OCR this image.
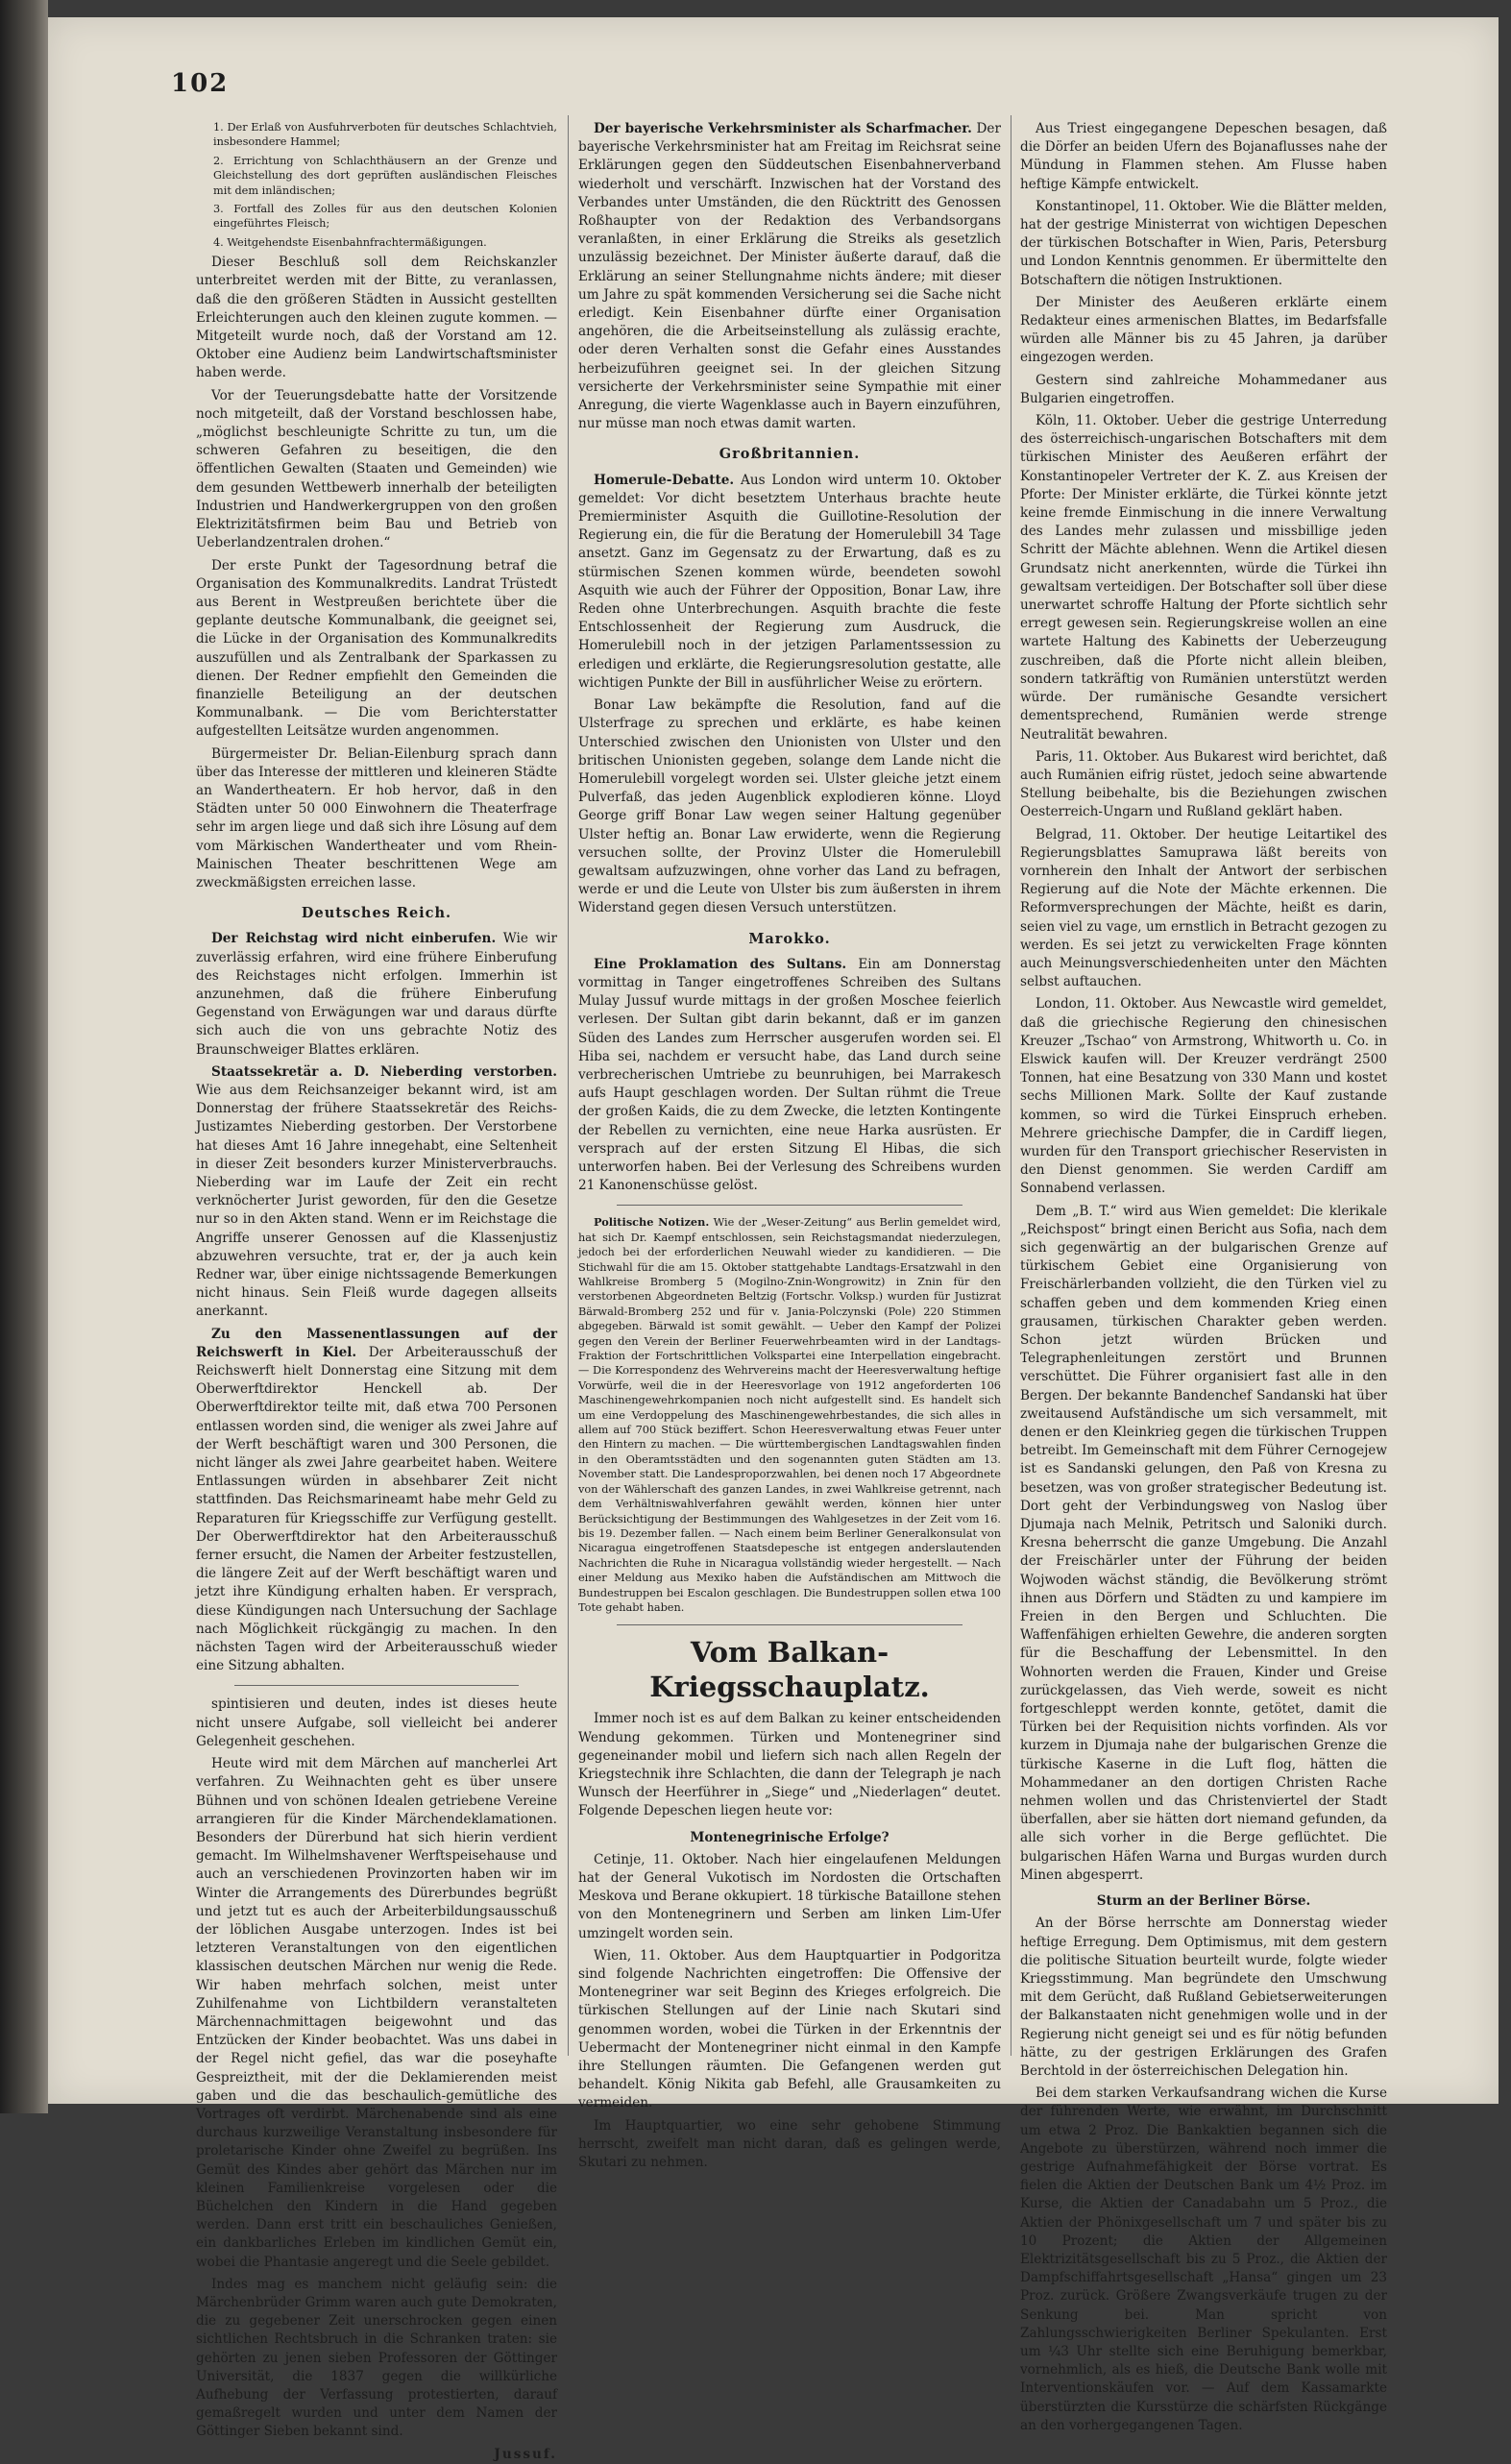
102

1. Der Erlaß von Ausfuhrverboten für deutsches Schlachtvieh, insbesondere Hammel;

2. Errichtung von Schlachthäusern an der Grenze und Gleichstellung des dort geprüften ausländischen Fleisches mit dem inländischen;

3. Fortfall des Zolles für aus den deutschen Kolonien eingeführtes Fleisch;

4. Weitgehendste Eisenbahnfrachtermäßigungen.

Dieser Beschluß soll dem Reichskanzler unterbreitet werden mit der Bitte, zu veranlassen, daß die den größeren Städten in Aussicht gestellten Erleichterungen auch den kleinen zugute kommen. — Mitgeteilt wurde noch, daß der Vorstand am 12. Oktober eine Audienz beim Landwirtschaftsminister haben werde.

Vor der Teuerungsdebatte hatte der Vorsitzende noch mitgeteilt, daß der Vorstand beschlossen habe, „möglichst beschleunigte Schritte zu tun, um die schweren Gefahren zu beseitigen, die den öffentlichen Gewalten (Staaten und Gemeinden) wie dem gesunden Wettbewerb innerhalb der beteiligten Industrien und Handwerkergruppen von den großen Elektrizitätsfirmen beim Bau und Betrieb von Ueberlandzentralen drohen.“

Der erste Punkt der Tagesordnung betraf die Organisation des Kommunalkredits. Landrat Trüstedt aus Berent in Westpreußen berichtete über die geplante deutsche Kommunalbank, die geeignet sei, die Lücke in der Organisation des Kommunalkredits auszufüllen und als Zentralbank der Sparkassen zu dienen. Der Redner empfiehlt den Gemeinden die finanzielle Beteiligung an der deutschen Kommunalbank. — Die vom Berichterstatter aufgestellten Leitsätze wurden angenommen.

Bürgermeister Dr. Belian-Eilenburg sprach dann über das Interesse der mittleren und kleineren Städte an Wandertheatern. Er hob hervor, daß in den Städten unter 50 000 Einwohnern die Theaterfrage sehr im argen liege und daß sich ihre Lösung auf dem vom Märkischen Wandertheater und vom Rhein-Mainischen Theater beschrittenen Wege am zweckmäßigsten erreichen lasse.

Deutsches Reich.

Der Reichstag wird nicht einberufen. Wie wir zuverlässig erfahren, wird eine frühere Einberufung des Reichstages nicht erfolgen. Immerhin ist anzunehmen, daß die frühere Einberufung Gegenstand von Erwägungen war und daraus dürfte sich auch die von uns gebrachte Notiz des Braunschweiger Blattes erklären.

Staatssekretär a. D. Nieberding verstorben. Wie aus dem Reichsanzeiger bekannt wird, ist am Donnerstag der frühere Staatssekretär des Reichs-Justizamtes Nieberding gestorben. Der Verstorbene hat dieses Amt 16 Jahre innegehabt, eine Seltenheit in dieser Zeit besonders kurzer Ministerverbrauchs. Nieberding war im Laufe der Zeit ein recht verknöcherter Jurist geworden, für den die Gesetze nur so in den Akten stand. Wenn er im Reichstage die Angriffe unserer Genossen auf die Klassenjustiz abzuwehren versuchte, trat er, der ja auch kein Redner war, über einige nichtssagende Bemerkungen nicht hinaus. Sein Fleiß wurde dagegen allseits anerkannt.

Zu den Massenentlassungen auf der Reichswerft in Kiel. Der Arbeiterausschuß der Reichswerft hielt Donnerstag eine Sitzung mit dem Oberwerftdirektor Henckell ab. Der Oberwerftdirektor teilte mit, daß etwa 700 Personen entlassen worden sind, die weniger als zwei Jahre auf der Werft beschäftigt waren und 300 Personen, die nicht länger als zwei Jahre gearbeitet haben. Weitere Entlassungen würden in absehbarer Zeit nicht stattfinden. Das Reichsmarineamt habe mehr Geld zu Reparaturen für Kriegsschiffe zur Verfügung gestellt. Der Oberwerftdirektor hat den Arbeiterausschuß ferner ersucht, die Namen der Arbeiter festzustellen, die längere Zeit auf der Werft beschäftigt waren und jetzt ihre Kündigung erhalten haben. Er versprach, diese Kündigungen nach Untersuchung der Sachlage nach Möglichkeit rückgängig zu machen. In den nächsten Tagen wird der Arbeiterausschuß wieder eine Sitzung abhalten.

spintisieren und deuten, indes ist dieses heute nicht unsere Aufgabe, soll vielleicht bei anderer Gelegenheit geschehen.

Heute wird mit dem Märchen auf mancherlei Art verfahren. Zu Weihnachten geht es über unsere Bühnen und von schönen Idealen getriebene Vereine arrangieren für die Kinder Märchendeklamationen. Besonders der Dürerbund hat sich hierin verdient gemacht. Im Wilhelmshavener Werftspeisehause und auch an verschiedenen Provinzorten haben wir im Winter die Arrangements des Dürerbundes begrüßt und jetzt tut es auch der Arbeiterbildungsausschuß der löblichen Ausgabe unterzogen. Indes ist bei letzteren Veranstaltungen von den eigentlichen klassischen deutschen Märchen nur wenig die Rede. Wir haben mehrfach solchen, meist unter Zuhilfenahme von Lichtbildern veranstalteten Märchennachmittagen beigewohnt und das Entzücken der Kinder beobachtet. Was uns dabei in der Regel nicht gefiel, das war die poseyhafte Gespreiztheit, mit der die Deklamierenden meist gaben und die das beschaulich-gemütliche des Vortrages oft verdirbt. Märchenabende sind als eine durchaus kurzweilige Veranstaltung insbesondere für proletarische Kinder ohne Zweifel zu begrüßen. Ins Gemüt des Kindes aber gehört das Märchen nur im kleinen Familienkreise vorgelesen oder die Büchelchen den Kindern in die Hand gegeben werden. Dann erst tritt ein beschauliches Genießen, ein dankbarliches Erleben im kindlichen Gemüt ein, wobei die Phantasie angeregt und die Seele gebildet.

Indes mag es manchem nicht geläufig sein: die Märchenbrüder Grimm waren auch gute Demokraten, die zu gegebener Zeit unerschrocken gegen einen sichtlichen Rechtsbruch in die Schranken traten: sie gehörten zu jenen sieben Professoren der Göttinger Universität, die 1837 gegen die willkürliche Aufhebung der Verfassung protestierten, darauf gemaßregelt wurden und unter dem Namen der Göttinger Sieben bekannt sind.

Jussuf.

Der bayerische Verkehrsminister als Scharfmacher. Der bayerische Verkehrsminister hat am Freitag im Reichsrat seine Erklärungen gegen den Süddeutschen Eisenbahnerverband wiederholt und verschärft. Inzwischen hat der Vorstand des Verbandes unter Umständen, die den Rücktritt des Genossen Roßhaupter von der Redaktion des Verbandsorgans veranlaßten, in einer Erklärung die Streiks als gesetzlich unzulässig bezeichnet. Der Minister äußerte darauf, daß die Erklärung an seiner Stellungnahme nichts ändere; mit dieser um Jahre zu spät kommenden Versicherung sei die Sache nicht erledigt. Kein Eisenbahner dürfte einer Organisation angehören, die die Arbeitseinstellung als zulässig erachte, oder deren Verhalten sonst die Gefahr eines Ausstandes herbeizuführen geeignet sei. In der gleichen Sitzung versicherte der Verkehrsminister seine Sympathie mit einer Anregung, die vierte Wagenklasse auch in Bayern einzuführen, nur müsse man noch etwas damit warten.

Großbritannien.

Homerule-Debatte. Aus London wird unterm 10. Oktober gemeldet: Vor dicht besetztem Unterhaus brachte heute Premierminister Asquith die Guillotine-Resolution der Regierung ein, die für die Beratung der Homerulebill 34 Tage ansetzt. Ganz im Gegensatz zu der Erwartung, daß es zu stürmischen Szenen kommen würde, beendeten sowohl Asquith wie auch der Führer der Opposition, Bonar Law, ihre Reden ohne Unterbrechungen. Asquith brachte die feste Entschlossenheit der Regierung zum Ausdruck, die Homerulebill noch in der jetzigen Parlamentssession zu erledigen und erklärte, die Regierungsresolution gestatte, alle wichtigen Punkte der Bill in ausführlicher Weise zu erörtern.

Bonar Law bekämpfte die Resolution, fand auf die Ulsterfrage zu sprechen und erklärte, es habe keinen Unterschied zwischen den Unionisten von Ulster und den britischen Unionisten gegeben, solange dem Lande nicht die Homerulebill vorgelegt worden sei. Ulster gleiche jetzt einem Pulverfaß, das jeden Augenblick explodieren könne. Lloyd George griff Bonar Law wegen seiner Haltung gegenüber Ulster heftig an. Bonar Law erwiderte, wenn die Regierung versuchen sollte, der Provinz Ulster die Homerulebill gewaltsam aufzuzwingen, ohne vorher das Land zu befragen, werde er und die Leute von Ulster bis zum äußersten in ihrem Widerstand gegen diesen Versuch unterstützen.

Marokko.

Eine Proklamation des Sultans. Ein am Donnerstag vormittag in Tanger eingetroffenes Schreiben des Sultans Mulay Jussuf wurde mittags in der großen Moschee feierlich verlesen. Der Sultan gibt darin bekannt, daß er im ganzen Süden des Landes zum Herrscher ausgerufen worden sei. El Hiba sei, nachdem er versucht habe, das Land durch seine verbrecherischen Umtriebe zu beunruhigen, bei Marrakesch aufs Haupt geschlagen worden. Der Sultan rühmt die Treue der großen Kaids, die zu dem Zwecke, die letzten Kontingente der Rebellen zu vernichten, eine neue Harka ausrüsten. Er versprach auf der ersten Sitzung El Hibas, die sich unterworfen haben. Bei der Verlesung des Schreibens wurden 21 Kanonenschüsse gelöst.

Politische Notizen. Wie der „Weser-Zeitung“ aus Berlin gemeldet wird, hat sich Dr. Kaempf entschlossen, sein Reichstagsmandat niederzulegen, jedoch bei der erforderlichen Neuwahl wieder zu kandidieren. — Die Stichwahl für die am 15. Oktober stattgehabte Landtags-Ersatzwahl in den Wahlkreise Bromberg 5 (Mogilno-Znin-Wongrowitz) in Znin für den verstorbenen Abgeordneten Beltzig (Fortschr. Volksp.) wurden für Justizrat Bärwald-Bromberg 252 und für v. Jania-Polczynski (Pole) 220 Stimmen abgegeben. Bärwald ist somit gewählt. — Ueber den Kampf der Polizei gegen den Verein der Berliner Feuerwehrbeamten wird in der Landtags-Fraktion der Fortschrittlichen Volkspartei eine Interpellation eingebracht. — Die Korrespondenz des Wehrvereins macht der Heeresverwaltung heftige Vorwürfe, weil die in der Heeresvorlage von 1912 angeforderten 106 Maschinengewehrkompanien noch nicht aufgestellt sind. Es handelt sich um eine Verdoppelung des Maschinengewehrbestandes, die sich alles in allem auf 700 Stück beziffert. Schon Heeresverwaltung etwas Feuer unter den Hintern zu machen. — Die württembergischen Landtagswahlen finden in den Oberamtsstädten und den sogenannten guten Städten am 13. November statt. Die Landesproporzwahlen, bei denen noch 17 Abgeordnete von der Wählerschaft des ganzen Landes, in zwei Wahlkreise getrennt, nach dem Verhältniswahlverfahren gewählt werden, können hier unter Berücksichtigung der Bestimmungen des Wahlgesetzes in der Zeit vom 16. bis 19. Dezember fallen. — Nach einem beim Berliner Generalkonsulat von Nicaragua eingetroffenen Staatsdepesche ist entgegen anderslautenden Nachrichten die Ruhe in Nicaragua vollständig wieder hergestellt. — Nach einer Meldung aus Mexiko haben die Aufständischen am Mittwoch die Bundestruppen bei Escalon geschlagen. Die Bundestruppen sollen etwa 100 Tote gehabt haben.

Vom Balkan-Kriegsschauplatz.

Immer noch ist es auf dem Balkan zu keiner entscheidenden Wendung gekommen. Türken und Montenegriner sind gegeneinander mobil und liefern sich nach allen Regeln der Kriegstechnik ihre Schlachten, die dann der Telegraph je nach Wunsch der Heerführer in „Siege“ und „Niederlagen“ deutet. Folgende Depeschen liegen heute vor:

Montenegrinische Erfolge?

Cetinje, 11. Oktober. Nach hier eingelaufenen Meldungen hat der General Vukotisch im Nordosten die Ortschaften Meskova und Berane okkupiert. 18 türkische Bataillone stehen von den Montenegrinern und Serben am linken Lim-Ufer umzingelt worden sein.

Wien, 11. Oktober. Aus dem Hauptquartier in Podgoritza sind folgende Nachrichten eingetroffen: Die Offensive der Montenegriner war seit Beginn des Krieges erfolgreich. Die türkischen Stellungen auf der Linie nach Skutari sind genommen worden, wobei die Türken in der Erkenntnis der Uebermacht der Montenegriner nicht einmal in den Kampfe ihre Stellungen räumten. Die Gefangenen werden gut behandelt. König Nikita gab Befehl, alle Grausamkeiten zu vermeiden.

Im Hauptquartier, wo eine sehr gehobene Stimmung herrscht, zweifelt man nicht daran, daß es gelingen werde, Skutari zu nehmen.

Aus Triest eingegangene Depeschen besagen, daß die Dörfer an beiden Ufern des Bojanaflusses nahe der Mündung in Flammen stehen. Am Flusse haben heftige Kämpfe entwickelt.

Konstantinopel, 11. Oktober. Wie die Blätter melden, hat der gestrige Ministerrat von wichtigen Depeschen der türkischen Botschafter in Wien, Paris, Petersburg und London Kenntnis genommen. Er übermittelte den Botschaftern die nötigen Instruktionen.

Der Minister des Aeußeren erklärte einem Redakteur eines armenischen Blattes, im Bedarfsfalle würden alle Männer bis zu 45 Jahren, ja darüber eingezogen werden.

Gestern sind zahlreiche Mohammedaner aus Bulgarien eingetroffen.

Köln, 11. Oktober. Ueber die gestrige Unterredung des österreichisch-ungarischen Botschafters mit dem türkischen Minister des Aeußeren erfährt der Konstantinopeler Vertreter der K. Z. aus Kreisen der Pforte: Der Minister erklärte, die Türkei könnte jetzt keine fremde Einmischung in die innere Verwaltung des Landes mehr zulassen und missbillige jeden Schritt der Mächte ablehnen. Wenn die Artikel diesen Grundsatz nicht anerkennten, würde die Türkei ihn gewaltsam verteidigen. Der Botschafter soll über diese unerwartet schroffe Haltung der Pforte sichtlich sehr erregt gewesen sein. Regierungskreise wollen an eine wartete Haltung des Kabinetts der Ueberzeugung zuschreiben, daß die Pforte nicht allein bleiben, sondern tatkräftig von Rumänien unterstützt werden würde. Der rumänische Gesandte versichert dementsprechend, Rumänien werde strenge Neutralität bewahren.

Paris, 11. Oktober. Aus Bukarest wird berichtet, daß auch Rumänien eifrig rüstet, jedoch seine abwartende Stellung beibehalte, bis die Beziehungen zwischen Oesterreich-Ungarn und Rußland geklärt haben.

Belgrad, 11. Oktober. Der heutige Leitartikel des Regierungsblattes Samuprawa läßt bereits von vornherein den Inhalt der Antwort der serbischen Regierung auf die Note der Mächte erkennen. Die Reformversprechungen der Mächte, heißt es darin, seien viel zu vage, um ernstlich in Betracht gezogen zu werden. Es sei jetzt zu verwickelten Frage könnten auch Meinungsverschiedenheiten unter den Mächten selbst auftauchen.

London, 11. Oktober. Aus Newcastle wird gemeldet, daß die griechische Regierung den chinesischen Kreuzer „Tschao“ von Armstrong, Whitworth u. Co. in Elswick kaufen will. Der Kreuzer verdrängt 2500 Tonnen, hat eine Besatzung von 330 Mann und kostet sechs Millionen Mark. Sollte der Kauf zustande kommen, so wird die Türkei Einspruch erheben. Mehrere griechische Dampfer, die in Cardiff liegen, wurden für den Transport griechischer Reservisten in den Dienst genommen. Sie werden Cardiff am Sonnabend verlassen.

Dem „B. T.“ wird aus Wien gemeldet: Die klerikale „Reichspost“ bringt einen Bericht aus Sofia, nach dem sich gegenwärtig an der bulgarischen Grenze auf türkischem Gebiet eine Organisierung von Freischärlerbanden vollzieht, die den Türken viel zu schaffen geben und dem kommenden Krieg einen grausamen, türkischen Charakter geben werden. Schon jetzt würden Brücken und Telegraphenleitungen zerstört und Brunnen verschüttet. Die Führer organisiert fast alle in den Bergen. Der bekannte Bandenchef Sandanski hat über zweitausend Aufständische um sich versammelt, mit denen er den Kleinkrieg gegen die türkischen Truppen betreibt. Im Gemeinschaft mit dem Führer Cernogejew ist es Sandanski gelungen, den Paß von Kresna zu besetzen, was von großer strategischer Bedeutung ist. Dort geht der Verbindungsweg von Naslog über Djumaja nach Melnik, Petritsch und Saloniki durch. Kresna beherrscht die ganze Umgebung. Die Anzahl der Freischärler unter der Führung der beiden Wojwoden wächst ständig, die Bevölkerung strömt ihnen aus Dörfern und Städten zu und kampiere im Freien in den Bergen und Schluchten. Die Waffenfähigen erhielten Gewehre, die anderen sorgten für die Beschaffung der Lebensmittel. In den Wohnorten werden die Frauen, Kinder und Greise zurückgelassen, das Vieh werde, soweit es nicht fortgeschleppt werden konnte, getötet, damit die Türken bei der Requisition nichts vorfinden. Als vor kurzem in Djumaja nahe der bulgarischen Grenze die türkische Kaserne in die Luft flog, hätten die Mohammedaner an den dortigen Christen Rache nehmen wollen und das Christenviertel der Stadt überfallen, aber sie hätten dort niemand gefunden, da alle sich vorher in die Berge geflüchtet. Die bulgarischen Häfen Warna und Burgas wurden durch Minen abgesperrt.

Sturm an der Berliner Börse.

An der Börse herrschte am Donnerstag wieder heftige Erregung. Dem Optimismus, mit dem gestern die politische Situation beurteilt wurde, folgte wieder Kriegsstimmung. Man begründete den Umschwung mit dem Gerücht, daß Rußland Gebietserweiterungen der Balkanstaaten nicht genehmigen wolle und in der Regierung nicht geneigt sei und es für nötig befunden hätte, zu der gestrigen Erklärungen des Grafen Berchtold in der österreichischen Delegation hin.

Bei dem starken Verkaufsandrang wichen die Kurse der führenden Werte, wie erwähnt, im Durchschnitt um etwa 2 Proz. Die Bankaktien begannen sich die Angebote zu überstürzen, während noch immer die gestrige Aufnahmefähigkeit der Börse vortrat. Es fielen die Aktien der Deutschen Bank um 4½ Proz. im Kurse, die Aktien der Canadabahn um 5 Proz., die Aktien der Phönixgesellschaft um 7 und später bis zu 10 Prozent; die Aktien der Allgemeinen Elektrizitätsgesellschaft bis zu 5 Proz., die Aktien der Dampfschiffahrtsgesellschaft „Hansa“ gingen um 23 Proz. zurück. Größere Zwangsverkäufe trugen zu der Senkung bei. Man spricht von Zahlungsschwierigkeiten Berliner Spekulanten. Erst um ¼3 Uhr stellte sich eine Beruhigung bemerkbar, vornehmlich, als es hieß, die Deutsche Bank wolle mit Interventionskäufen vor. — Auf dem Kassamarkte überstürzten die Kursstürze die schärfsten Rückgänge an den vorhergegangenen Tagen.
